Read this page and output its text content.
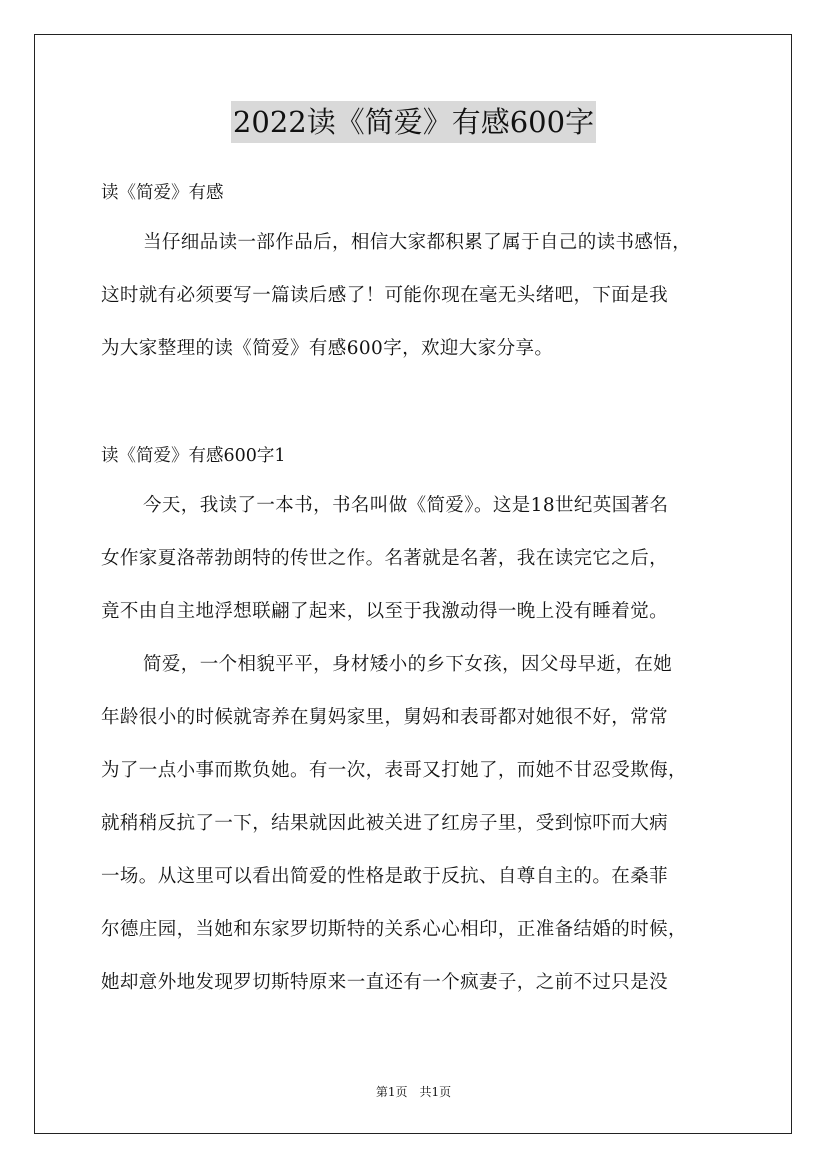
2022读《简爱》有感600字

读《简爱》有感

当仔细品读一部作品后，相信大家都积累了属于自己的读书感悟，

这时就有必须要写一篇读后感了！可能你现在毫无头绪吧，下面是我

为大家整理的读《简爱》有感600字，欢迎大家分享。

读《简爱》有感600字1

今天，我读了一本书，书名叫做《简爱》。这是18世纪英国著名

女作家夏洛蒂勃朗特的传世之作。名著就是名著，我在读完它之后，

竟不由自主地浮想联翩了起来，以至于我激动得一晚上没有睡着觉。

简爱，一个相貌平平，身材矮小的乡下女孩，因父母早逝，在她

年龄很小的时候就寄养在舅妈家里，舅妈和表哥都对她很不好，常常

为了一点小事而欺负她。有一次，表哥又打她了，而她不甘忍受欺侮，

就稍稍反抗了一下，结果就因此被关进了红房子里，受到惊吓而大病

一场。从这里可以看出简爱的性格是敢于反抗、自尊自主的。在桑菲

尔德庄园，当她和东家罗切斯特的关系心心相印，正准备结婚的时候，

她却意外地发现罗切斯特原来一直还有一个疯妻子，之前不过只是没

第1页　共1页
